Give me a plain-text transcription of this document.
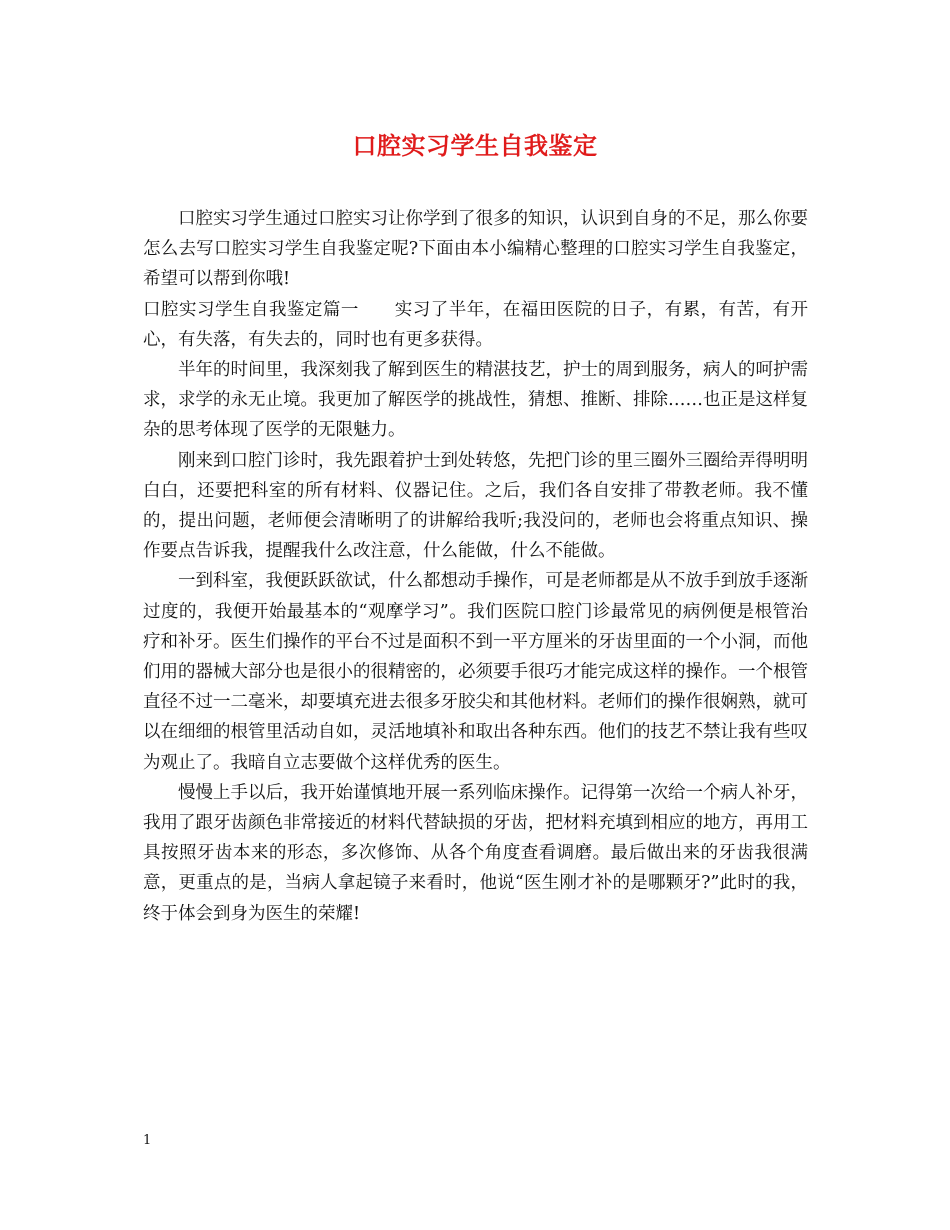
口腔实习学生自我鉴定

口腔实习学生通过口腔实习让你学到了很多的知识，认识到自身的不足，那么你要怎么去写口腔实习学生自我鉴定呢?下面由本小编精心整理的口腔实习学生自我鉴定，希望可以帮到你哦!

口腔实习学生自我鉴定篇一　　实习了半年，在福田医院的日子，有累，有苦，有开心，有失落，有失去的，同时也有更多获得。

半年的时间里，我深刻我了解到医生的精湛技艺，护士的周到服务，病人的呵护需求，求学的永无止境。我更加了解医学的挑战性，猜想、推断、排除……也正是这样复杂的思考体现了医学的无限魅力。

刚来到口腔门诊时，我先跟着护士到处转悠，先把门诊的里三圈外三圈给弄得明明白白，还要把科室的所有材料、仪器记住。之后，我们各自安排了带教老师。我不懂的，提出问题，老师便会清晰明了的讲解给我听;我没问的，老师也会将重点知识、操作要点告诉我，提醒我什么改注意，什么能做，什么不能做。

一到科室，我便跃跃欲试，什么都想动手操作，可是老师都是从不放手到放手逐渐过度的，我便开始最基本的“观摩学习”。我们医院口腔门诊最常见的病例便是根管治疗和补牙。医生们操作的平台不过是面积不到一平方厘米的牙齿里面的一个小洞，而他们用的器械大部分也是很小的很精密的，必须要手很巧才能完成这样的操作。一个根管直径不过一二毫米，却要填充进去很多牙胶尖和其他材料。老师们的操作很娴熟，就可以在细细的根管里活动自如，灵活地填补和取出各种东西。他们的技艺不禁让我有些叹为观止了。我暗自立志要做个这样优秀的医生。

慢慢上手以后，我开始谨慎地开展一系列临床操作。记得第一次给一个病人补牙，我用了跟牙齿颜色非常接近的材料代替缺损的牙齿，把材料充填到相应的地方，再用工具按照牙齿本来的形态，多次修饰、从各个角度查看调磨。最后做出来的牙齿我很满意，更重点的是，当病人拿起镜子来看时，他说“医生刚才补的是哪颗牙?”此时的我，终于体会到身为医生的荣耀!

1
